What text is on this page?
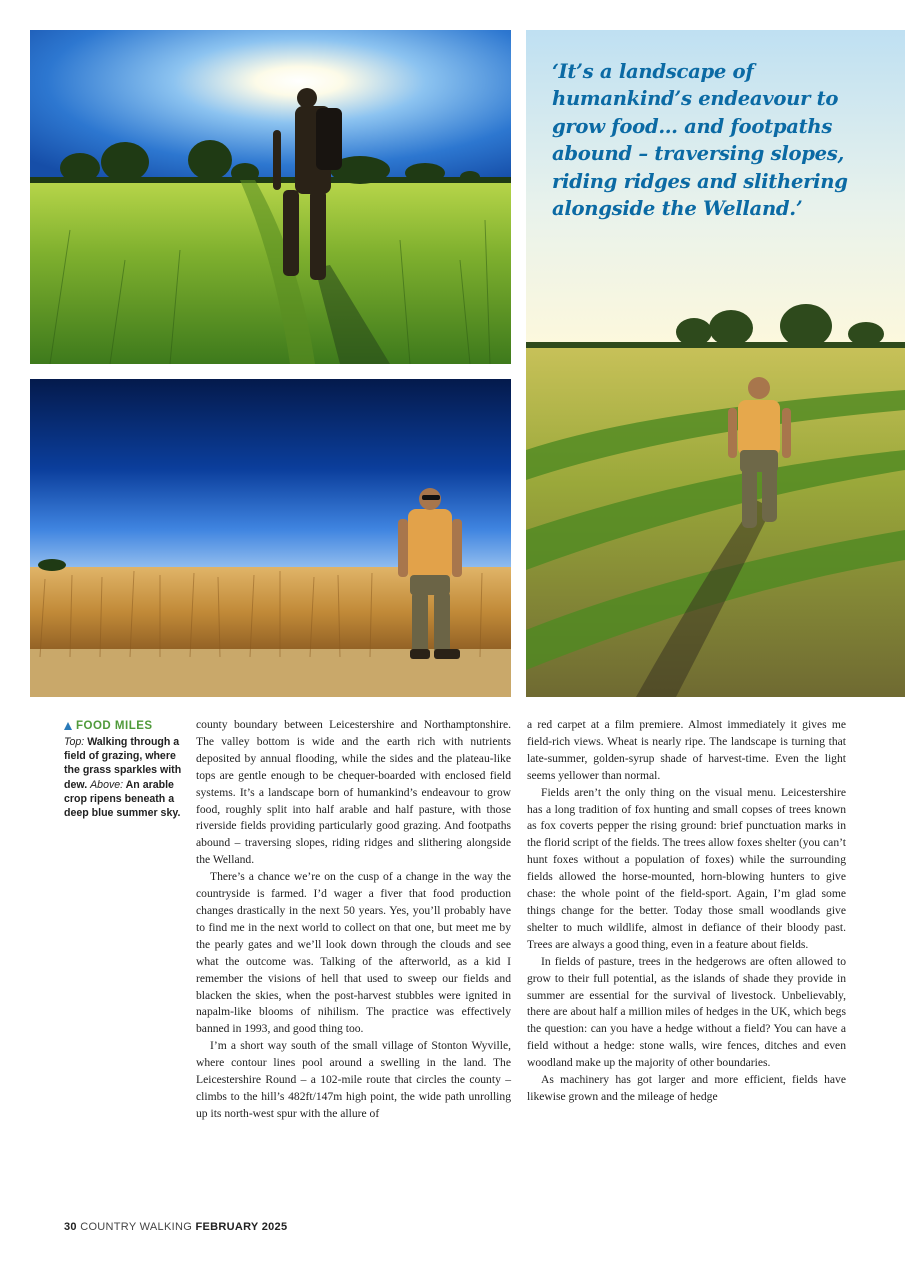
‘It’s a landscape of humankind’s endeavour to grow food… and footpaths abound – traversing slopes, riding ridges and slithering alongside the Welland.’
FOOD MILES
Top: Walking through a field of grazing, where the grass sparkles with dew. Above: An arable crop ripens beneath a deep blue summer sky.

county boundary between Leicestershire and Northamptonshire. The valley bottom is wide and the earth rich with nutrients deposited by annual flooding, while the sides and the plateau-like tops are gentle enough to be chequer-boarded with enclosed field systems. It’s a landscape born of humankind’s endeavour to grow food, roughly split into half arable and half pasture, with those riverside fields providing particularly good grazing. And footpaths abound – traversing slopes, riding ridges and slithering alongside the Welland.

There’s a chance we’re on the cusp of a change in the way the countryside is farmed. I’d wager a fiver that food production changes drastically in the next 50 years. Yes, you’ll probably have to find me in the next world to collect on that one, but meet me by the pearly gates and we’ll look down through the clouds and see what the outcome was. Talking of the afterworld, as a kid I remember the visions of hell that used to sweep our fields and blacken the skies, when the post-harvest stubbles were ignited in napalm-like blooms of nihilism. The practice was effectively banned in 1993, and good thing too.

I’m a short way south of the small village of Stonton Wyville, where contour lines pool around a swelling in the land. The Leicestershire Round – a 102-mile route that circles the county – climbs to the hill’s 482ft/147m high point, the wide path unrolling up its north-west spur with the allure of

a red carpet at a film premiere. Almost immediately it gives me field-rich views. Wheat is nearly ripe. The landscape is turning that late-summer, golden-syrup shade of harvest-time. Even the light seems yellower than normal.

Fields aren’t the only thing on the visual menu. Leicestershire has a long tradition of fox hunting and small copses of trees known as fox coverts pepper the rising ground: brief punctuation marks in the florid script of the fields. The trees allow foxes shelter (you can’t hunt foxes without a population of foxes) while the surrounding fields allowed the horse-mounted, horn-blowing hunters to give chase: the whole point of the field-sport. Again, I’m glad some things change for the better. Today those small woodlands give shelter to much wildlife, almost in defiance of their bloody past. Trees are always a good thing, even in a feature about fields.

In fields of pasture, trees in the hedgerows are often allowed to grow to their full potential, as the islands of shade they provide in summer are essential for the survival of livestock. Unbelievably, there are about half a million miles of hedges in the UK, which begs the question: can you have a hedge without a field? You can have a field without a hedge: stone walls, wire fences, ditches and even woodland make up the majority of other boundaries.

As machinery has got larger and more efficient, fields have likewise grown and the mileage of hedge

30 COUNTRY WALKING FEBRUARY 2025
